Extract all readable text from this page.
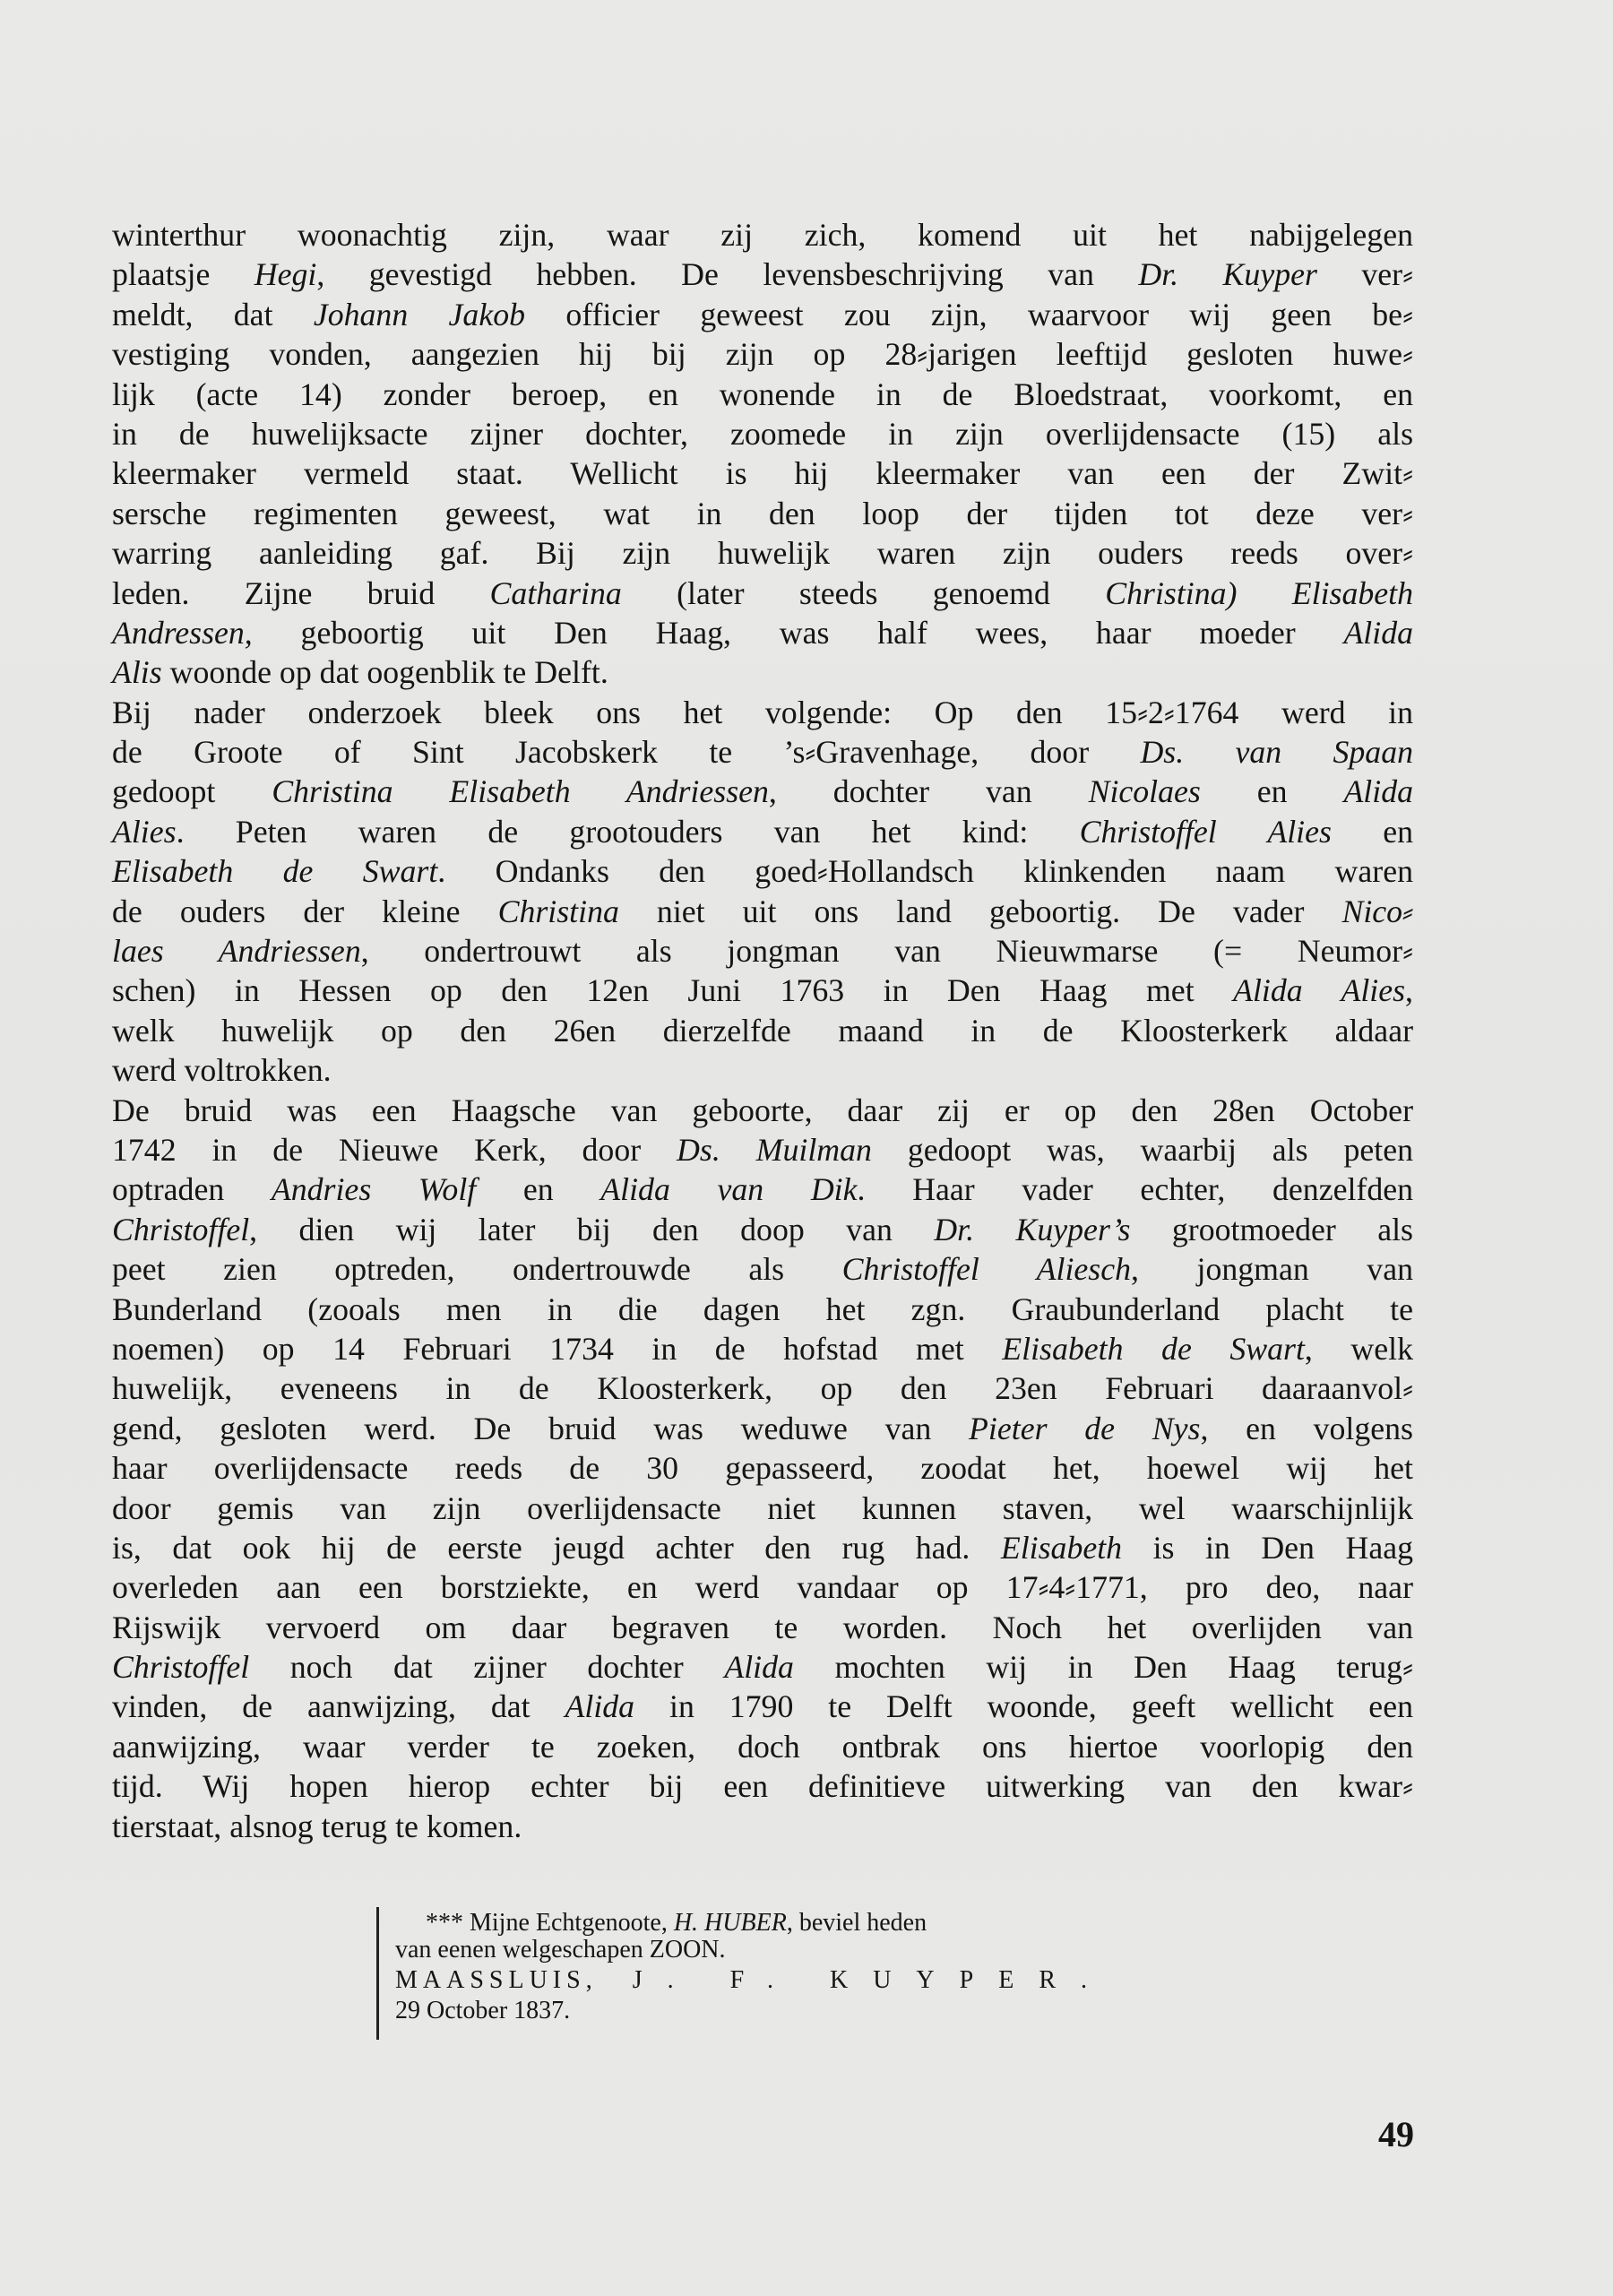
winterthur woonachtig zijn, waar zij zich, komend uit het nabijgelegen
plaatsje Hegi, gevestigd hebben. De levensbeschrijving van Dr. Kuyper ver⸗
meldt, dat Johann Jakob officier geweest zou zijn, waarvoor wij geen be⸗
vestiging vonden, aangezien hij bij zijn op 28⸗jarigen leeftijd gesloten huwe⸗
lijk (acte 14) zonder beroep, en wonende in de Bloedstraat, voorkomt, en
in de huwelijksacte zijner dochter, zoomede in zijn overlijdensacte (15) als
kleermaker vermeld staat. Wellicht is hij kleermaker van een der Zwit⸗
sersche regimenten geweest, wat in den loop der tijden tot deze ver⸗
warring aanleiding gaf. Bij zijn huwelijk waren zijn ouders reeds over⸗
leden. Zijne bruid Catharina (later steeds genoemd Christina) Elisabeth
Andressen, geboortig uit Den Haag, was half wees, haar moeder Alida
Alis woonde op dat oogenblik te Delft.
Bij nader onderzoek bleek ons het volgende: Op den 15⸗2⸗1764 werd in
de Groote of Sint Jacobskerk te ’s⸗Gravenhage, door Ds. van Spaan
gedoopt Christina Elisabeth Andriessen, dochter van Nicolaes en Alida
Alies. Peten waren de grootouders van het kind: Christoffel Alies en
Elisabeth de Swart. Ondanks den goed⸗Hollandsch klinkenden naam waren
de ouders der kleine Christina niet uit ons land geboortig. De vader Nico⸗
laes Andriessen, ondertrouwt als jongman van Nieuwmarse (= Neumor⸗
schen) in Hessen op den 12en Juni 1763 in Den Haag met Alida Alies,
welk huwelijk op den 26en dierzelfde maand in de Kloosterkerk aldaar
werd voltrokken.
De bruid was een Haagsche van geboorte, daar zij er op den 28en October
1742 in de Nieuwe Kerk, door Ds. Muilman gedoopt was, waarbij als peten
optraden Andries Wolf en Alida van Dik. Haar vader echter, denzelfden
Christoffel, dien wij later bij den doop van Dr. Kuyper’s grootmoeder als
peet zien optreden, ondertrouwde als Christoffel Aliesch, jongman van
Bunderland (zooals men in die dagen het zgn. Graubunderland placht te
noemen) op 14 Februari 1734 in de hofstad met Elisabeth de Swart, welk
huwelijk, eveneens in de Kloosterkerk, op den 23en Februari daaraanvol⸗
gend, gesloten werd. De bruid was weduwe van Pieter de Nys, en volgens
haar overlijdensacte reeds de 30 gepasseerd, zoodat het, hoewel wij het
door gemis van zijn overlijdensacte niet kunnen staven, wel waarschijnlijk
is, dat ook hij de eerste jeugd achter den rug had. Elisabeth is in Den Haag
overleden aan een borstziekte, en werd vandaar op 17⸗4⸗1771, pro deo, naar
Rijswijk vervoerd om daar begraven te worden. Noch het overlijden van
Christoffel noch dat zijner dochter Alida mochten wij in Den Haag terug⸗
vinden, de aanwijzing, dat Alida in 1790 te Delft woonde, geeft wellicht een
aanwijzing, waar verder te zoeken, doch ontbrak ons hiertoe voorlopig den
tijd. Wij hopen hierop echter bij een definitieve uitwerking van den kwar⸗
tierstaat, alsnog terug te komen.
*** Mijne Echtgenoote, H. HUBER, beviel heden
van eenen welgeschapen ZOON.
MAASSLUIS,	J. F. KUYPER.
29 October 1837.
49
